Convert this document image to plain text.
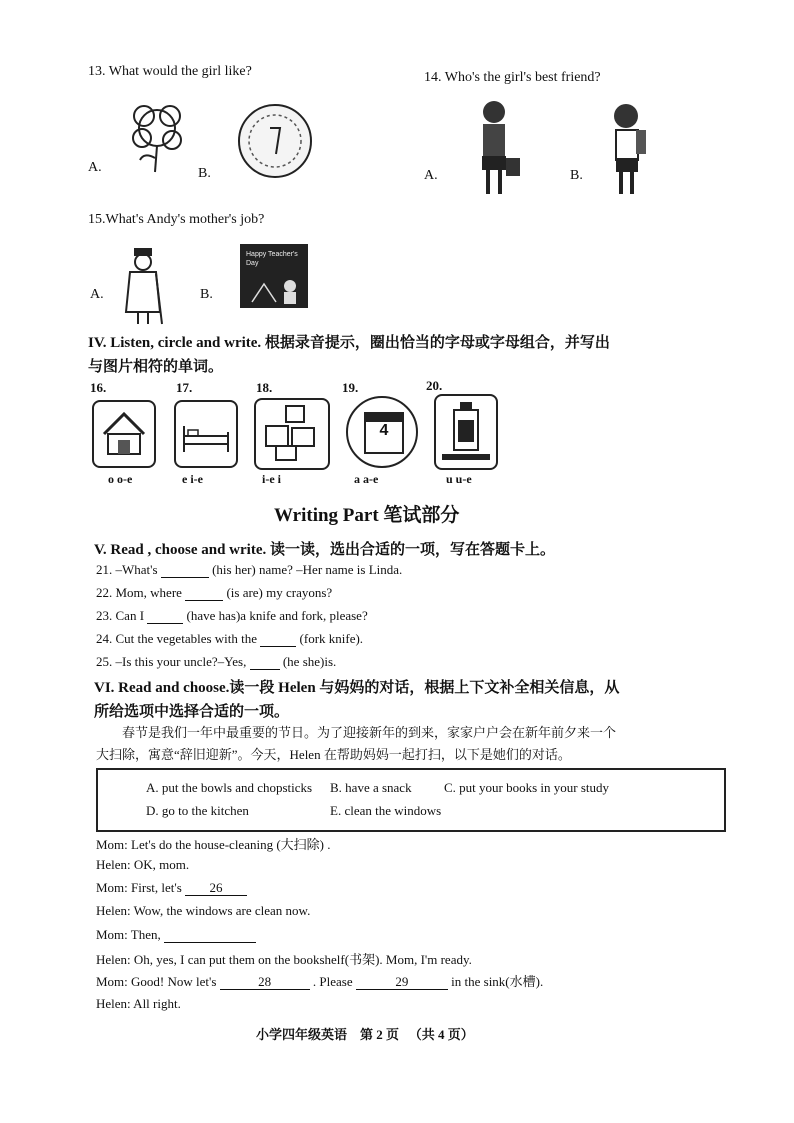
13. What would the girl like?
A.	B.
14. Who's the girl's best friend?
A.	B.
15.What's Andy's mother's job?
A.	B.
Happy Teacher's Day
IV. Listen, circle and write. 根据录音提示，圈出恰当的字母或字母组合，并写出
与图片相符的单词。
16.	17.	18.	19.	20.
4
o o-e	e i-e	i-e i	a a-e	u u-e
Writing Part 笔试部分
V. Read , choose and write. 读一读，选出合适的一项，写在答题卡上。
21. –What's	(his her) name? –Her name is Linda.
22. Mom, where	(is are) my crayons?
23. Can I	(have has)a knife and fork, please?
24. Cut the vegetables with the	(fork knife).
25. –Is this your uncle?–Yes,	(he she)is.
VI. Read and choose.读一段 Helen 与妈妈的对话，根据上下文补全相关信息，从
所给选项中选择合适的一项。
春节是我们一年中最重要的节日。为了迎接新年的到来，家家户户会在新年前夕来一个
大扫除，寓意“辞旧迎新”。今天，Helen 在帮助妈妈一起打扫，以下是她们的对话。
A. put the bowls and chopsticks B. have a snack C. put your books in your study
D. go to the kitchen	E. clean the windows
Mom: Let's do the house-cleaning (大扫除) .
Helen: OK, mom.
Mom: First, let's 26
Helen: Wow, the windows are clean now.
Mom: Then,
Helen: Oh, yes, I can put them on the bookshelf(书架). Mom, I'm ready.
Mom: Good! Now let's	28	. Please	29	in the sink(水槽).
Helen: All right.
小学四年级英语    第 2 页   （共 4 页）
